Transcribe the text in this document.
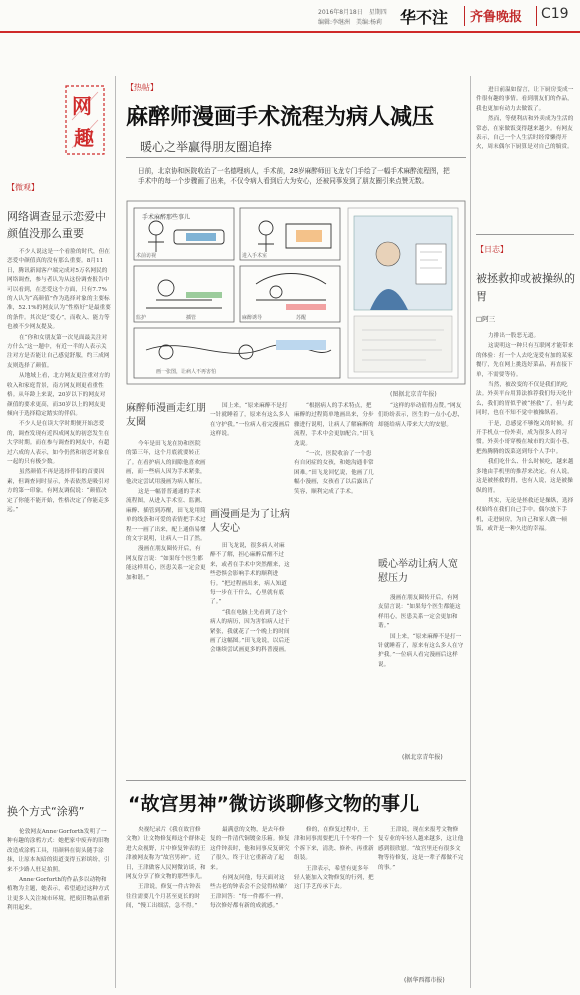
2016年8月18日　星期四
编辑:李继洲　美编:杨莉 华不注 齐鲁晚报 C19
网
趣
【微观】
网络调查显示恋爱中颜值没那么重要

不少人说这是一个看脸的时代，但在恋爱中颜值真的没有那么重要。8月11日，腾讯新闻客户端完成对5万名网民的网络调查，参与者认为从这份调查报告中可以看到，在恋爱这个方面，只有7.7%的人认为“高颜值”作为选择对象的主要标准，52.1%的网友认为“性格好”是最重要的条件。其次是“爱心”，而收入、能力等也被不少网友提及。

在“你和女朋友第一次见面最关注对方什么”这一题中，有近一半的人表示关注对方是否能让自己感觉舒服，约三成网友则选择了颜值。

从地域上看，北方网友更注重对方的收入和家庭背景，南方网友则更看重性格。从年龄上来说，20岁以下的网友对颜值的要求更高，而30岁以上的网友更倾向于选择稳定踏实的伴侣。

不少人是在读大学时期便开始恋爱的，调查发现有近四成网友的初恋发生在大学时期。而在参与调查的网友中，有超过六成的人表示，如今仍然和初恋对象在一起的只有极少数。

虽然颜值不再是选择伴侣的首要因素，但调查同时显示，外表依然是吸引对方的第一印象。有网友调侃说：“颜值决定了你能不能开始，性格决定了你能走多远。”

换个方式“涂鸦”

伦敦网友Anne·Gorforth发明了一种有趣的涂鸦方式：她把家中废弃的旧物改造成涂鸦工具，用颜料在街头随手涂抹，让原本灰暗的街道变得五彩缤纷，引来不少路人驻足拍照。

Anne·Gorforth的作品多以动物和植物为主题，她表示，希望通过这种方式让更多人关注城市环境，把废旧物品重新利用起来。

【热帖】
麻醉师漫画手术流程为病人减压
暖心之举赢得朋友圈追捧
日前，北京协和医院收治了一名德哩病人，手术前，28岁麻醉师田飞龙专门手绘了一幅手术麻醉流程图，把手术中的每一个步骤画了出来，不仅令病人看到后大为安心，还被同事发到了朋友圈引来点赞无数。
手术麻醉那些事儿
术前访视	进入手术室
监护	麻醉诱导
插管	苏醒
画一张图，让病人不再害怕
(图据北京青年报)
麻醉师漫画走红朋友圈

今年是田飞龙在协和医院的第三年，这个月底就要转正了。在看护病人的间隙他喜欢画画，而一些病人因为手术紧张，他决定尝试用漫画为病人解压。

这是一幅普普通通的手术流程图，从进入手术室、监测、麻醉、插管到苏醒，田飞龙用简单的线条和可爱的表情把手术过程一一画了出来，配上通俗易懂的文字说明，让病人一目了然。

漫画在朋友圈传开后，有网友留言说：“如果每个医生都能这样用心，医患关系一定会更加和谐。”

国上来，“原来麻醉不是打一针就睡着了，原来有这么多人在守护我。”一位病人看完漫画后这样说。

画漫画是为了让病人安心

田飞龙说，很多病人对麻醉不了解，担心麻醉后醒不过来，或者在手术中突然醒来，这些恐惧会影响手术的顺利进行。“把过程画出来，病人知道每一步在干什么，心里就有底了。”

“我在电脑上先看到了这个病人的病历，因为害怕病人过于紧张，我就花了一个晚上的时间画了这幅图。”田飞龙说，以后还会继续尝试画更多的科普漫画。

“根据病人的手术特点，把麻醉的过程简单地画出来，分步骤进行说明，让病人了解麻醉的流程，手术中会更加配合。”田飞龙说。

“一次，医院收治了一个患有自闭症的女孩，和她沟通非常困难。”田飞龙回忆说，他画了几幅小漫画，女孩看了以后露出了笑容，顺利完成了手术。

“这样的举动值得点赞。”网友们纷纷表示，医生的一点小心思，却能给病人带来大大的安慰。

暖心举动让病人宽慰压力

漫画在朋友圈传开后，有网友留言说：“如果每个医生都能这样用心，医患关系一定会更加和谐。”

国上来，“原来麻醉不是打一针就睡着了，原来有这么多人在守护我。”一位病人看完漫画后这样说。

(据北京青年报)
“故宫男神”微访谈聊修文物的事儿

央视纪录片《我在故宫修文物》让文物修复师这个群体走进大众视野，片中修复钟表的王津被网友称为“故宫男神”。近日，王津做客人民网微访谈，和网友分享了修文物的那些事儿。

王津说，修复一件古钟表往往需要几个月甚至更长的时间，“慢工出细活，急不得。”

最满意的文物，是去年修复的一件清代铜镀金乐箱。修复这件钟表时，他和同事反复研究了很久，终于让它重新动了起来。

有网友问他，每天面对这些古老的钟表会不会觉得枯燥？王津回答：“每一件都不一样，每次修好都有新的成就感。”

修的，在修复过程中，王津和同事需要把几千个零件一个个拆下来，清洗、修补，再重新组装。

王津表示，希望有更多年轻人能加入文物修复的行列，把这门手艺传承下去。

王津说，现在来报考文物修复专业的年轻人越来越多，这让他感到很欣慰。“故宫里还有很多文物等待修复，这是一辈子都做不完的事。”

(据华西都市报)

进日前温如留言，让下厨房变成一件很有趣的事情。看到朋友们的作品，我也更加有动力去做饭了。

然而，等便利店和外卖成为生活的常态，在家做饭变得越来越少。有网友表示，自己一个人生活时经常懒得开火，周末偶尔下厨算是对自己的犒赏。

【日志】
被拯救抑或被操纵的胃
□阿三

力排出一股恶无道。

这说明这一种只有互联网才能带来的体验：打一个人去吃宠爱有加的某家餐厅，先在网上挑选好菜品，再直接下单，不需要等待。

当然，被改变的不仅是我们的吃法。外卖平台用算法推荐我们每天吃什么，我们的胃似乎被“拯救”了，但与此同时，也在不知不觉中被操纵着。

于是，总感觉不够饱又的时候，打开手机点一份外卖，成为很多人的习惯。外卖小哥穿梭在城市的大街小巷，把热腾腾的饭菜送到每个人手中。

我们吃什么、什么时候吃，越来越多地由手机里的推荐来决定。有人说，这是被拯救的胃，也有人说，这是被操纵的胃。

其实，无论是拯救还是操纵，选择权始终在我们自己手中。偶尔放下手机，走进厨房，为自己和家人做一顿饭，或许是一种久违的幸福。
